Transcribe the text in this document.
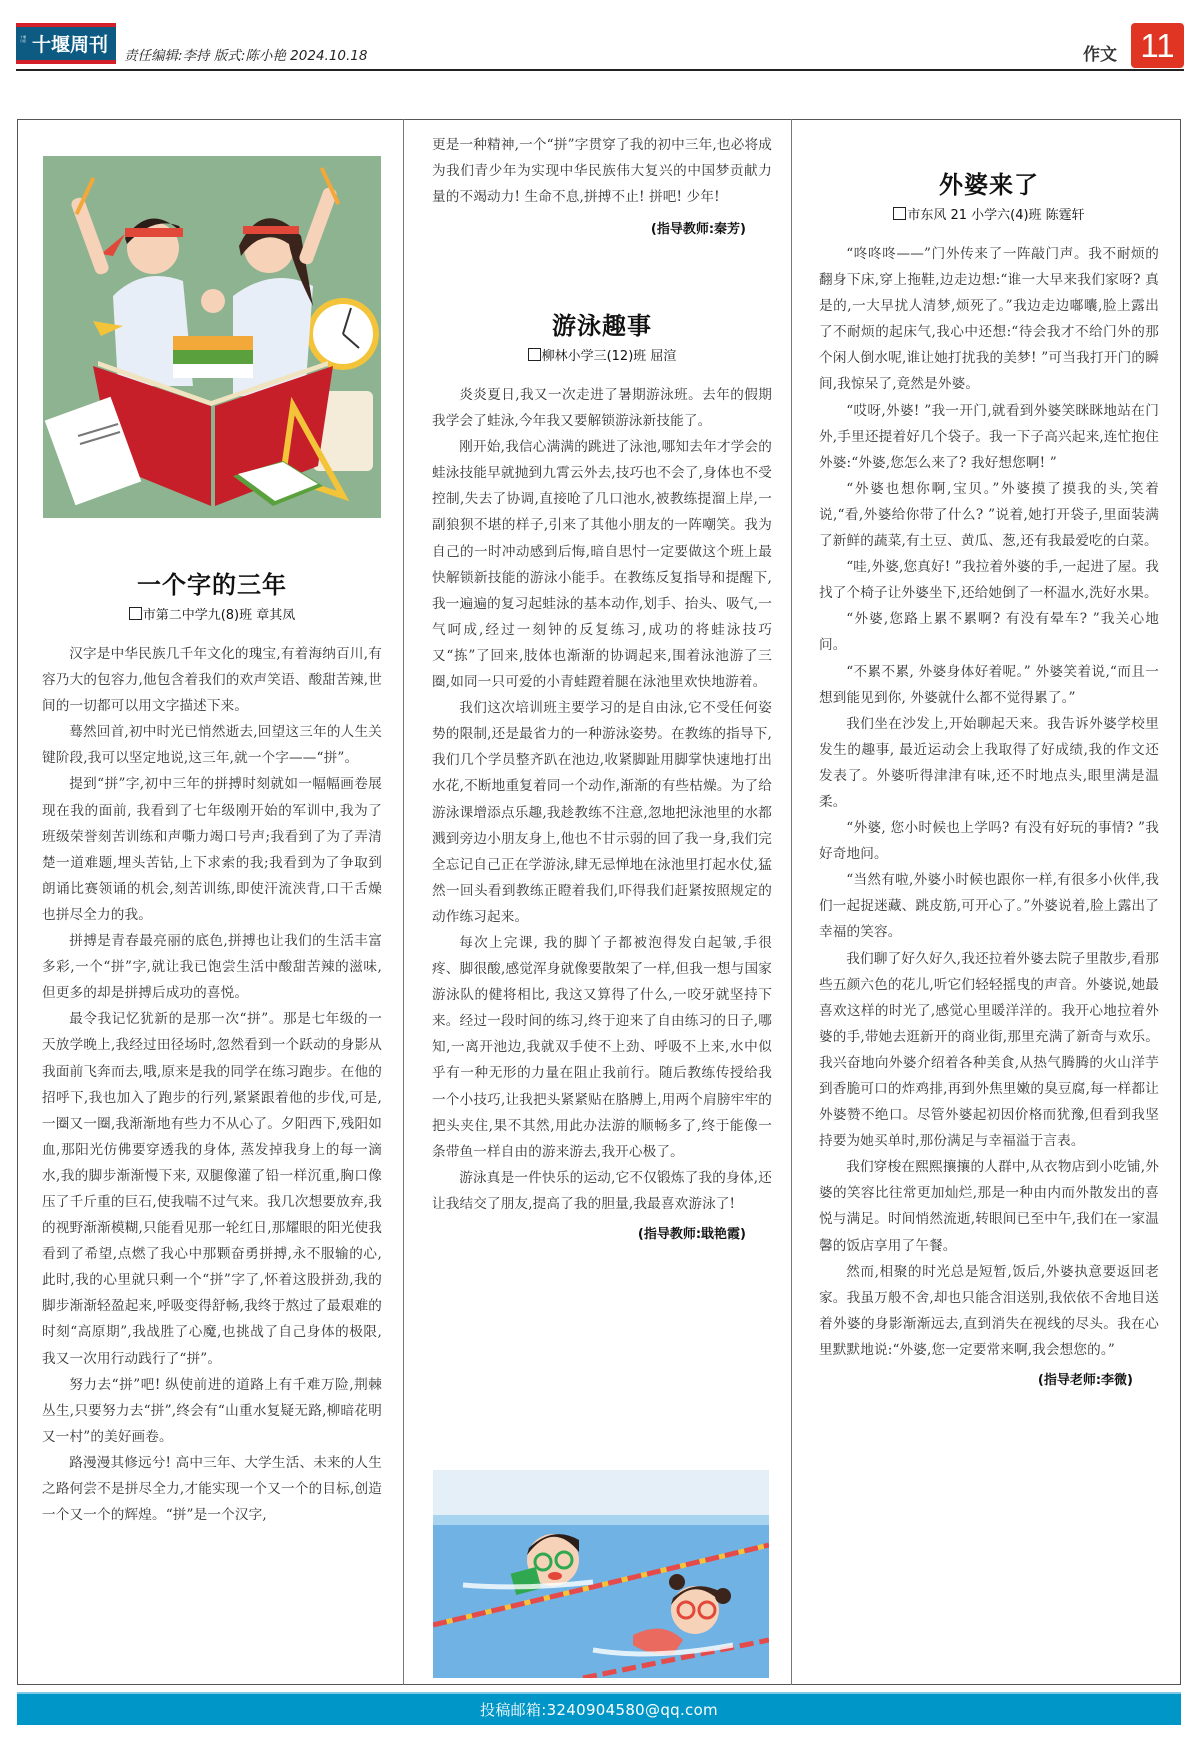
十堰日报 十堰周刊 责任编辑:李持 版式:陈小艳 2024.10.18	作文 11
一个字的三年
市第二中学九(8)班 章其凤

汉字是中华民族几千年文化的瑰宝,有着海纳百川,有容乃大的包容力,他包含着我们的欢声笑语、酸甜苦辣,世间的一切都可以用文字描述下来。

蓦然回首,初中时光已悄然逝去,回望这三年的人生关键阶段,我可以坚定地说,这三年,就一个字——“拼”。

提到“拼”字,初中三年的拼搏时刻就如一幅幅画卷展现在我的面前, 我看到了七年级刚开始的军训中,我为了班级荣誉刻苦训练和声嘶力竭口号声;我看到了为了弄清楚一道难题,埋头苦钻,上下求索的我;我看到为了争取到朗诵比赛领诵的机会,刻苦训练,即使汗流浃背,口干舌燥也拼尽全力的我。

拼搏是青春最亮丽的底色,拼搏也让我们的生活丰富多彩,一个“拼”字,就让我已饱尝生活中酸甜苦辣的滋味,但更多的却是拼搏后成功的喜悦。

最令我记忆犹新的是那一次“拼”。那是七年级的一天放学晚上,我经过田径场时,忽然看到一个跃动的身影从我面前飞奔而去,哦,原来是我的同学在练习跑步。在他的招呼下,我也加入了跑步的行列,紧紧跟着他的步伐,可是,一圈又一圈,我渐渐地有些力不从心了。夕阳西下,残阳如血,那阳光仿佛要穿透我的身体, 蒸发掉我身上的每一滴水,我的脚步渐渐慢下来, 双腿像灌了铅一样沉重,胸口像压了千斤重的巨石,使我喘不过气来。我几次想要放弃,我的视野渐渐模糊,只能看见那一轮红日,那耀眼的阳光使我看到了希望,点燃了我心中那颗奋勇拼搏,永不服输的心,此时,我的心里就只剩一个“拼”字了,怀着这股拼劲,我的脚步渐渐轻盈起来,呼吸变得舒畅,我终于熬过了最艰难的时刻“高原期”,我战胜了心魔,也挑战了自己身体的极限,我又一次用行动践行了“拼”。

努力去“拼”吧! 纵使前进的道路上有千难万险,荆棘丛生,只要努力去“拼”,终会有“山重水复疑无路,柳暗花明又一村”的美好画卷。

路漫漫其修远兮! 高中三年、大学生活、未来的人生之路何尝不是拼尽全力,才能实现一个又一个的目标,创造一个又一个的辉煌。“拼”是一个汉字,

更是一种精神,一个“拼”字贯穿了我的初中三年,也必将成为我们青少年为实现中华民族伟大复兴的中国梦贡献力量的不竭动力! 生命不息,拼搏不止! 拼吧! 少年!

(指导教师:秦芳)
游泳趣事
柳林小学三(12)班 屈渲

炎炎夏日,我又一次走进了暑期游泳班。去年的假期我学会了蛙泳,今年我又要解锁游泳新技能了。

刚开始,我信心满满的跳进了泳池,哪知去年才学会的蛙泳技能早就抛到九霄云外去,技巧也不会了,身体也不受控制,失去了协调,直接呛了几口池水,被教练提溜上岸,一副狼狈不堪的样子,引来了其他小朋友的一阵嘲笑。我为自己的一时冲动感到后悔,暗自思忖一定要做这个班上最快解锁新技能的游泳小能手。在教练反复指导和提醒下,我一遍遍的复习起蛙泳的基本动作,划手、抬头、吸气,一气呵成,经过一刻钟的反复练习,成功的将蛙泳技巧又“拣”了回来,肢体也渐渐的协调起来,围着泳池游了三圈,如同一只可爱的小青蛙蹬着腿在泳池里欢快地游着。

我们这次培训班主要学习的是自由泳,它不受任何姿势的限制,还是最省力的一种游泳姿势。在教练的指导下,我们几个学员整齐趴在池边,收紧脚趾用脚掌快速地打出水花,不断地重复着同一个动作,渐渐的有些枯燥。为了给游泳课增添点乐趣,我趁教练不注意,忽地把泳池里的水都溅到旁边小朋友身上,他也不甘示弱的回了我一身,我们完全忘记自己正在学游泳,肆无忌惮地在泳池里打起水仗,猛然一回头看到教练正瞪着我们,吓得我们赶紧按照规定的动作练习起来。

每次上完课, 我的脚丫子都被泡得发白起皱,手很疼、脚很酸,感觉浑身就像要散架了一样,但我一想与国家游泳队的健将相比, 我这又算得了什么,一咬牙就坚持下来。经过一段时间的练习,终于迎来了自由练习的日子,哪知,一离开池边,我就双手使不上劲、呼吸不上来,水中似乎有一种无形的力量在阻止我前行。随后教练传授给我一个小技巧,让我把头紧紧贴在胳膊上,用两个肩膀牢牢的把头夹住,果不其然,用此办法游的顺畅多了,终于能像一条带鱼一样自由的游来游去,我开心极了。

游泳真是一件快乐的运动,它不仅锻炼了我的身体,还让我结交了朋友,提高了我的胆量,我最喜欢游泳了!

(指导教师:戢艳霞)
外婆来了
市东风 21 小学六(4)班 陈霆轩

“咚咚咚——”门外传来了一阵敲门声。我不耐烦的翻身下床,穿上拖鞋,边走边想:“谁一大早来我们家呀? 真是的,一大早扰人清梦,烦死了。”我边走边嘟囔,脸上露出了不耐烦的起床气,我心中还想:“待会我才不给门外的那个闲人倒水呢,谁让她打扰我的美梦! ”可当我打开门的瞬间,我惊呆了,竟然是外婆。

“哎呀,外婆! ”我一开门,就看到外婆笑眯眯地站在门外,手里还提着好几个袋子。我一下子高兴起来,连忙抱住外婆:“外婆,您怎么来了? 我好想您啊! ”

“外婆也想你啊,宝贝。”外婆摸了摸我的头,笑着说,“看,外婆给你带了什么? ”说着,她打开袋子,里面装满了新鲜的蔬菜,有土豆、黄瓜、葱,还有我最爱吃的白菜。

“哇,外婆,您真好! ”我拉着外婆的手,一起进了屋。我找了个椅子让外婆坐下,还给她倒了一杯温水,洗好水果。

“外婆,您路上累不累啊? 有没有晕车? ”我关心地问。

“不累不累, 外婆身体好着呢。” 外婆笑着说,“而且一想到能见到你, 外婆就什么都不觉得累了。”

我们坐在沙发上,开始聊起天来。我告诉外婆学校里发生的趣事, 最近运动会上我取得了好成绩,我的作文还发表了。外婆听得津津有味,还不时地点头,眼里满是温柔。

“外婆, 您小时候也上学吗? 有没有好玩的事情? ”我好奇地问。

“当然有啦,外婆小时候也跟你一样,有很多小伙伴,我们一起捉迷藏、跳皮筋,可开心了。”外婆说着,脸上露出了幸福的笑容。

我们聊了好久好久,我还拉着外婆去院子里散步,看那些五颜六色的花儿,听它们轻轻摇曳的声音。外婆说,她最喜欢这样的时光了,感觉心里暖洋洋的。我开心地拉着外婆的手,带她去逛新开的商业街,那里充满了新奇与欢乐。我兴奋地向外婆介绍着各种美食,从热气腾腾的火山洋芋到香脆可口的炸鸡排,再到外焦里嫩的臭豆腐,每一样都让外婆赞不绝口。尽管外婆起初因价格而犹豫,但看到我坚持要为她买单时,那份满足与幸福溢于言表。

我们穿梭在熙熙攘攘的人群中,从衣物店到小吃铺,外婆的笑容比往常更加灿烂,那是一种由内而外散发出的喜悦与满足。时间悄然流逝,转眼间已至中午,我们在一家温馨的饭店享用了午餐。

然而,相聚的时光总是短暂,饭后,外婆执意要返回老家。我虽万般不舍,却也只能含泪送别,我依依不舍地目送着外婆的身影渐渐远去,直到消失在视线的尽头。我在心里默默地说:“外婆,您一定要常来啊,我会想您的。”

(指导老师:李微)
投稿邮箱:3240904580@qq.com
